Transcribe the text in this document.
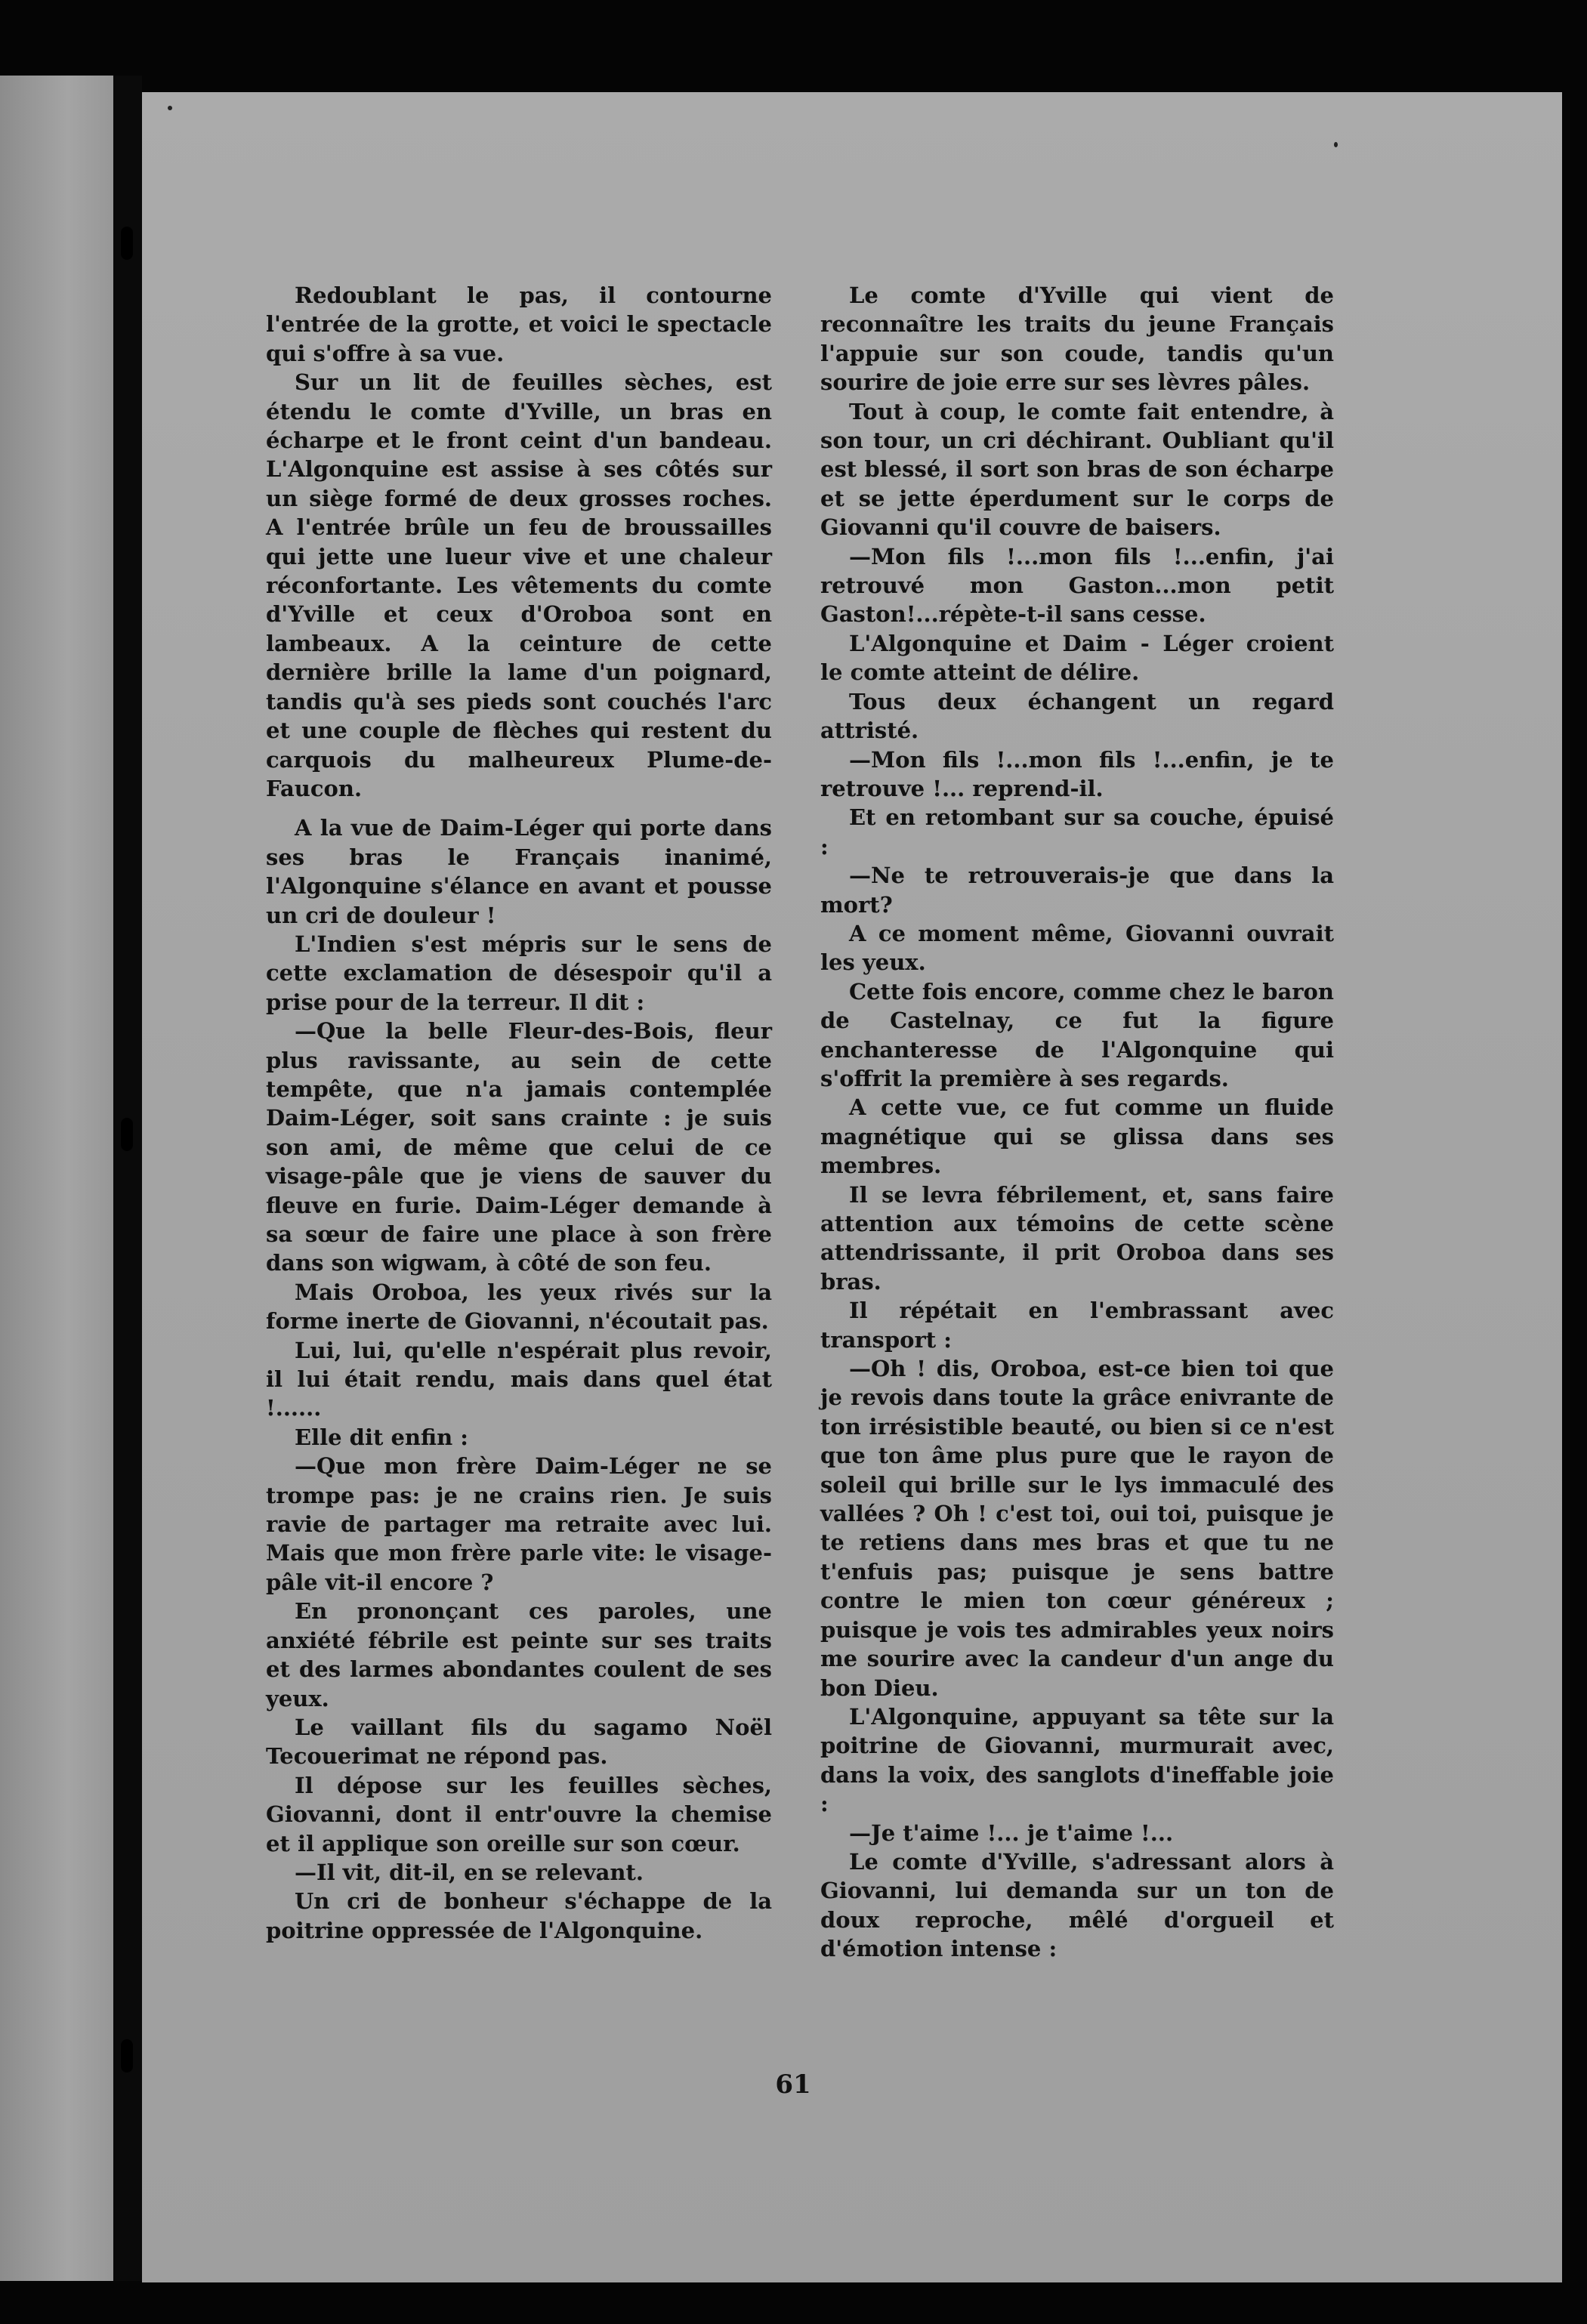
Redoublant le pas, il contourne l'entrée de la grotte, et voici le spectacle qui s'offre à sa vue.

Sur un lit de feuilles sèches, est étendu le comte d'Yville, un bras en écharpe et le front ceint d'un bandeau. L'Algonquine est assise à ses côtés sur un siège formé de deux grosses roches. A l'entrée brûle un feu de broussailles qui jette une lueur vive et une chaleur réconfortante. Les vêtements du comte d'Yville et ceux d'Oroboa sont en lambeaux. A la ceinture de cette dernière brille la lame d'un poignard, tandis qu'à ses pieds sont couchés l'arc et une couple de flèches qui restent du carquois du malheureux Plume-de-Faucon.

A la vue de Daim-Léger qui porte dans ses bras le Français inanimé, l'Algonquine s'élance en avant et pousse un cri de douleur !

L'Indien s'est mépris sur le sens de cette exclamation de désespoir qu'il a prise pour de la terreur. Il dit :

—Que la belle Fleur-des-Bois, fleur plus ravissante, au sein de cette tempête, que n'a jamais contemplée Daim-Léger, soit sans crainte : je suis son ami, de même que celui de ce visage-pâle que je viens de sauver du fleuve en furie. Daim-Léger demande à sa sœur de faire une place à son frère dans son wigwam, à côté de son feu.

Mais Oroboa, les yeux rivés sur la forme inerte de Giovanni, n'écoutait pas.

Lui, lui, qu'elle n'espérait plus revoir, il lui était rendu, mais dans quel état !......

Elle dit enfin :

—Que mon frère Daim-Léger ne se trompe pas: je ne crains rien. Je suis ravie de partager ma retraite avec lui. Mais que mon frère parle vite: le visage-pâle vit-il encore ?

En prononçant ces paroles, une anxiété fébrile est peinte sur ses traits et des larmes abondantes coulent de ses yeux.

Le vaillant fils du sagamo Noël Tecouerimat ne répond pas.

Il dépose sur les feuilles sèches, Giovanni, dont il entr'ouvre la chemise et il applique son oreille sur son cœur.

—Il vit, dit-il, en se relevant.

Un cri de bonheur s'échappe de la poitrine oppressée de l'Algonquine.

Le comte d'Yville qui vient de reconnaître les traits du jeune Français l'appuie sur son coude, tandis qu'un sourire de joie erre sur ses lèvres pâles.

Tout à coup, le comte fait entendre, à son tour, un cri déchirant. Oubliant qu'il est blessé, il sort son bras de son écharpe et se jette éperdument sur le corps de Giovanni qu'il couvre de baisers.

—Mon fils !...mon fils !...enfin, j'ai retrouvé mon Gaston...mon petit Gaston!...répète-t-il sans cesse.

L'Algonquine et Daim - Léger croient le comte atteint de délire.

Tous deux échangent un regard attristé.

—Mon fils !...mon fils !...enfin, je te retrouve !... reprend-il.

Et en retombant sur sa couche, épuisé :

—Ne te retrouverais-je que dans la mort?

A ce moment même, Giovanni ouvrait les yeux.

Cette fois encore, comme chez le baron de Castelnay, ce fut la figure enchanteresse de l'Algonquine qui s'offrit la première à ses regards.

A cette vue, ce fut comme un fluide magnétique qui se glissa dans ses membres.

Il se levra fébrilement, et, sans faire attention aux témoins de cette scène attendrissante, il prit Oroboa dans ses bras.

Il répétait en l'embrassant avec transport :

—Oh ! dis, Oroboa, est-ce bien toi que je revois dans toute la grâce enivrante de ton irrésistible beauté, ou bien si ce n'est que ton âme plus pure que le rayon de soleil qui brille sur le lys immaculé des vallées ? Oh ! c'est toi, oui toi, puisque je te retiens dans mes bras et que tu ne t'enfuis pas; puisque je sens battre contre le mien ton cœur généreux ; puisque je vois tes admirables yeux noirs me sourire avec la candeur d'un ange du bon Dieu.

L'Algonquine, appuyant sa tête sur la poitrine de Giovanni, murmurait avec, dans la voix, des sanglots d'ineffable joie :

—Je t'aime !... je t'aime !...

Le comte d'Yville, s'adressant alors à Giovanni, lui demanda sur un ton de doux reproche, mêlé d'orgueil et d'émotion intense :

61
